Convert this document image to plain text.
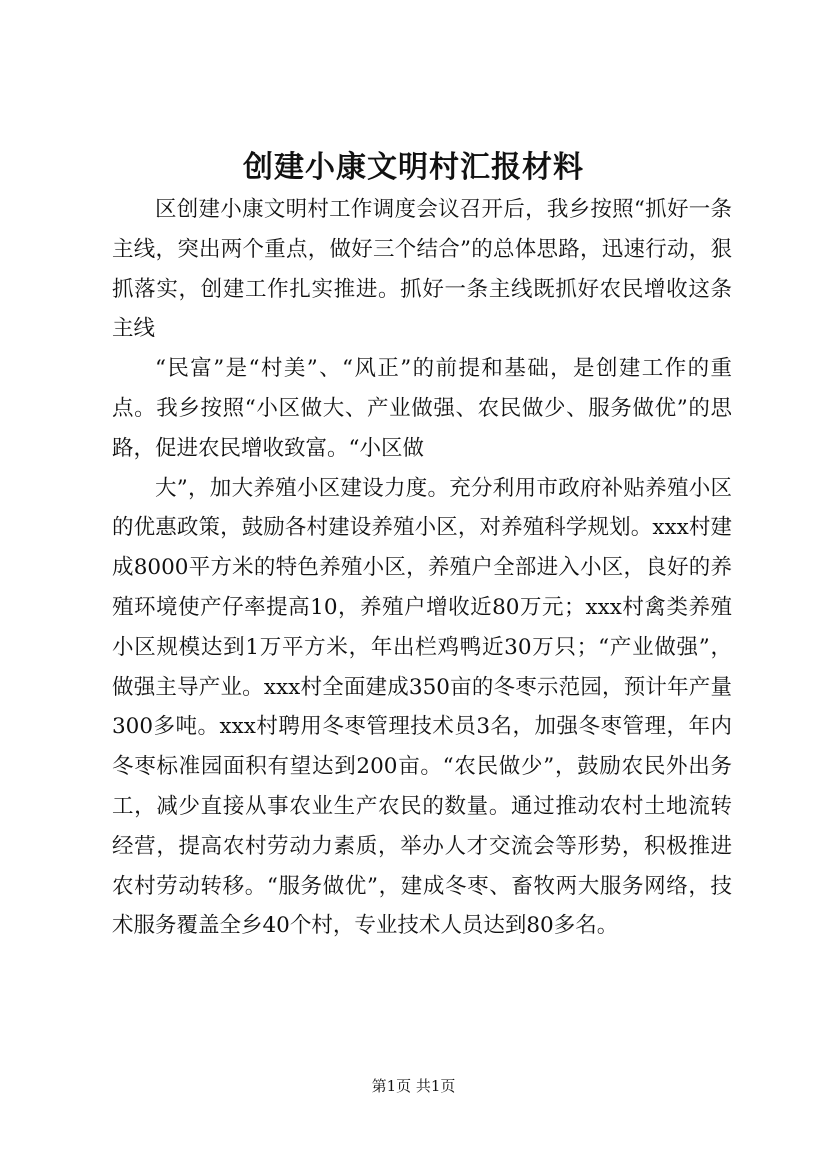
创建小康文明村汇报材料

区创建小康文明村工作调度会议召开后，我乡按照“抓好一条主线，突出两个重点，做好三个结合”的总体思路，迅速行动，狠抓落实，创建工作扎实推进。抓好一条主线既抓好农民增收这条主线

“民富”是“村美”、“风正”的前提和基础，是创建工作的重点。我乡按照“小区做大、产业做强、农民做少、服务做优”的思路，促进农民增收致富。“小区做

大”，加大养殖小区建设力度。充分利用市政府补贴养殖小区的优惠政策，鼓励各村建设养殖小区，对养殖科学规划。xxx村建成8000平方米的特色养殖小区，养殖户全部进入小区，良好的养殖环境使产仔率提高10，养殖户增收近80万元；xxx村禽类养殖小区规模达到1万平方米，年出栏鸡鸭近30万只；“产业做强”，做强主导产业。xxx村全面建成350亩的冬枣示范园，预计年产量300多吨。xxx村聘用冬枣管理技术员3名，加强冬枣管理，年内冬枣标准园面积有望达到200亩。“农民做少”，鼓励农民外出务工，减少直接从事农业生产农民的数量。通过推动农村土地流转经营，提高农村劳动力素质，举办人才交流会等形势，积极推进农村劳动转移。“服务做优”，建成冬枣、畜牧两大服务网络，技术服务覆盖全乡40个村，专业技术人员达到80多名。

第1页 共1页
